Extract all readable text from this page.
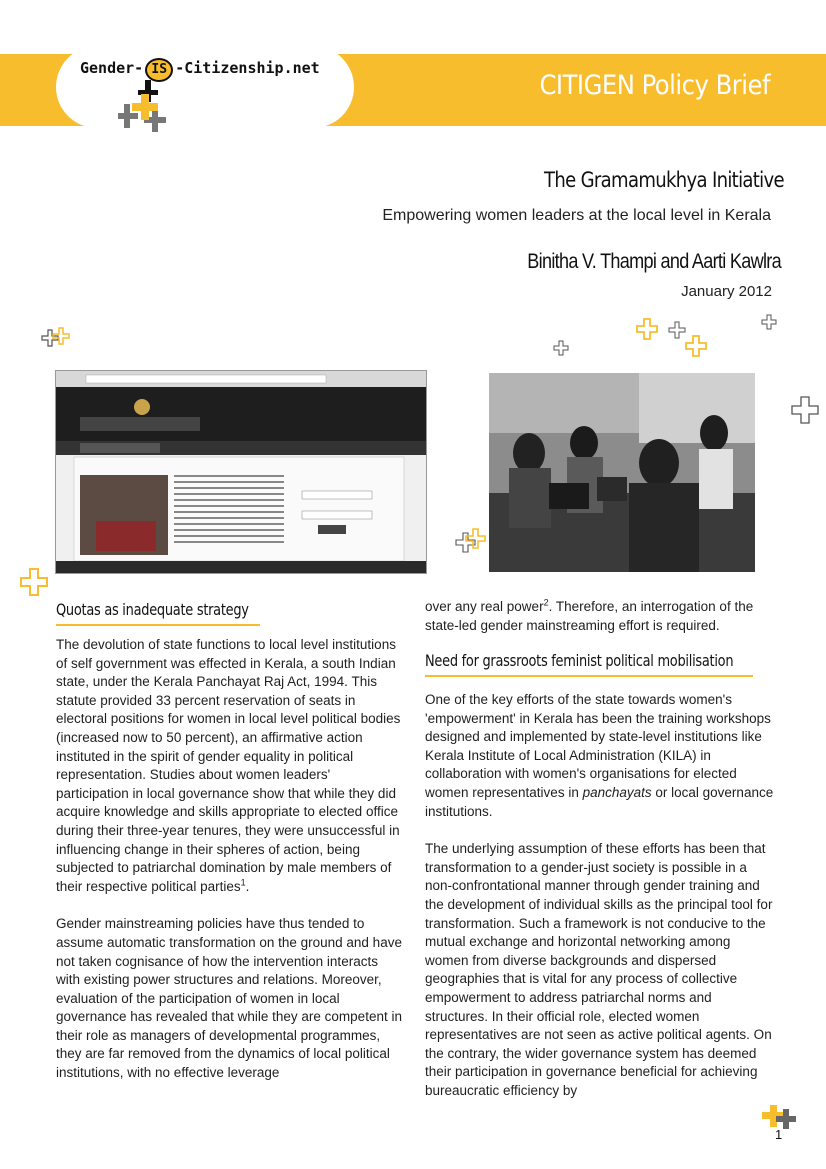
Gender- IS -Citizenship.net
CITIGEN Policy Brief
The Gramamukhya Initiative
Empowering women leaders at the local level in Kerala
Binitha V. Thampi and Aarti Kawlra
January 2012
Quotas as inadequate strategy
Need for grassroots feminist political mobilisation

The devolution of state functions to local level institutions of self government was effected in Kerala, a south Indian state, under the Kerala Panchayat Raj Act, 1994. This statute provided 33 percent reservation of seats in electoral positions for women in local level political bodies (increased now to 50 percent), an affirmative action instituted in the spirit of gender equality in political representation. Studies about women leaders' participation in local governance show that while they did acquire knowledge and skills appropriate to elected office during their three-year tenures, they were unsuccessful in influencing change in their spheres of action, being subjected to patriarchal domination by male members of their respective political parties$^1$.

Gender mainstreaming policies have thus tended to assume automatic transformation on the ground and have not taken cognisance of how the intervention interacts with existing power structures and relations. Moreover, evaluation of the participation of women in local governance has revealed that while they are competent in their role as managers of developmental programmes, they are far removed from the dynamics of local political institutions, with no effective leverage

over any real power$^2$. Therefore, an interrogation of the state-led gender mainstreaming effort is required.

One of the key efforts of the state towards women's 'empowerment' in Kerala has been the training workshops designed and implemented by state-level institutions like Kerala Institute of Local Administration (KILA) in collaboration with women's organisations for elected women representatives in panchayats or local governance institutions.

The underlying assumption of these efforts has been that transformation to a gender-just society is possible in a non-confrontational manner through gender training and the development of individual skills as the principal tool for transformation. Such a framework is not conducive to the mutual exchange and horizontal networking among women from diverse backgrounds and dispersed geographies that is vital for any process of collective empowerment to address patriarchal norms and structures. In their official role, elected women representatives are not seen as active political agents. On the contrary, the wider governance system has deemed their participation in governance beneficial for achieving bureaucratic efficiency by

1
